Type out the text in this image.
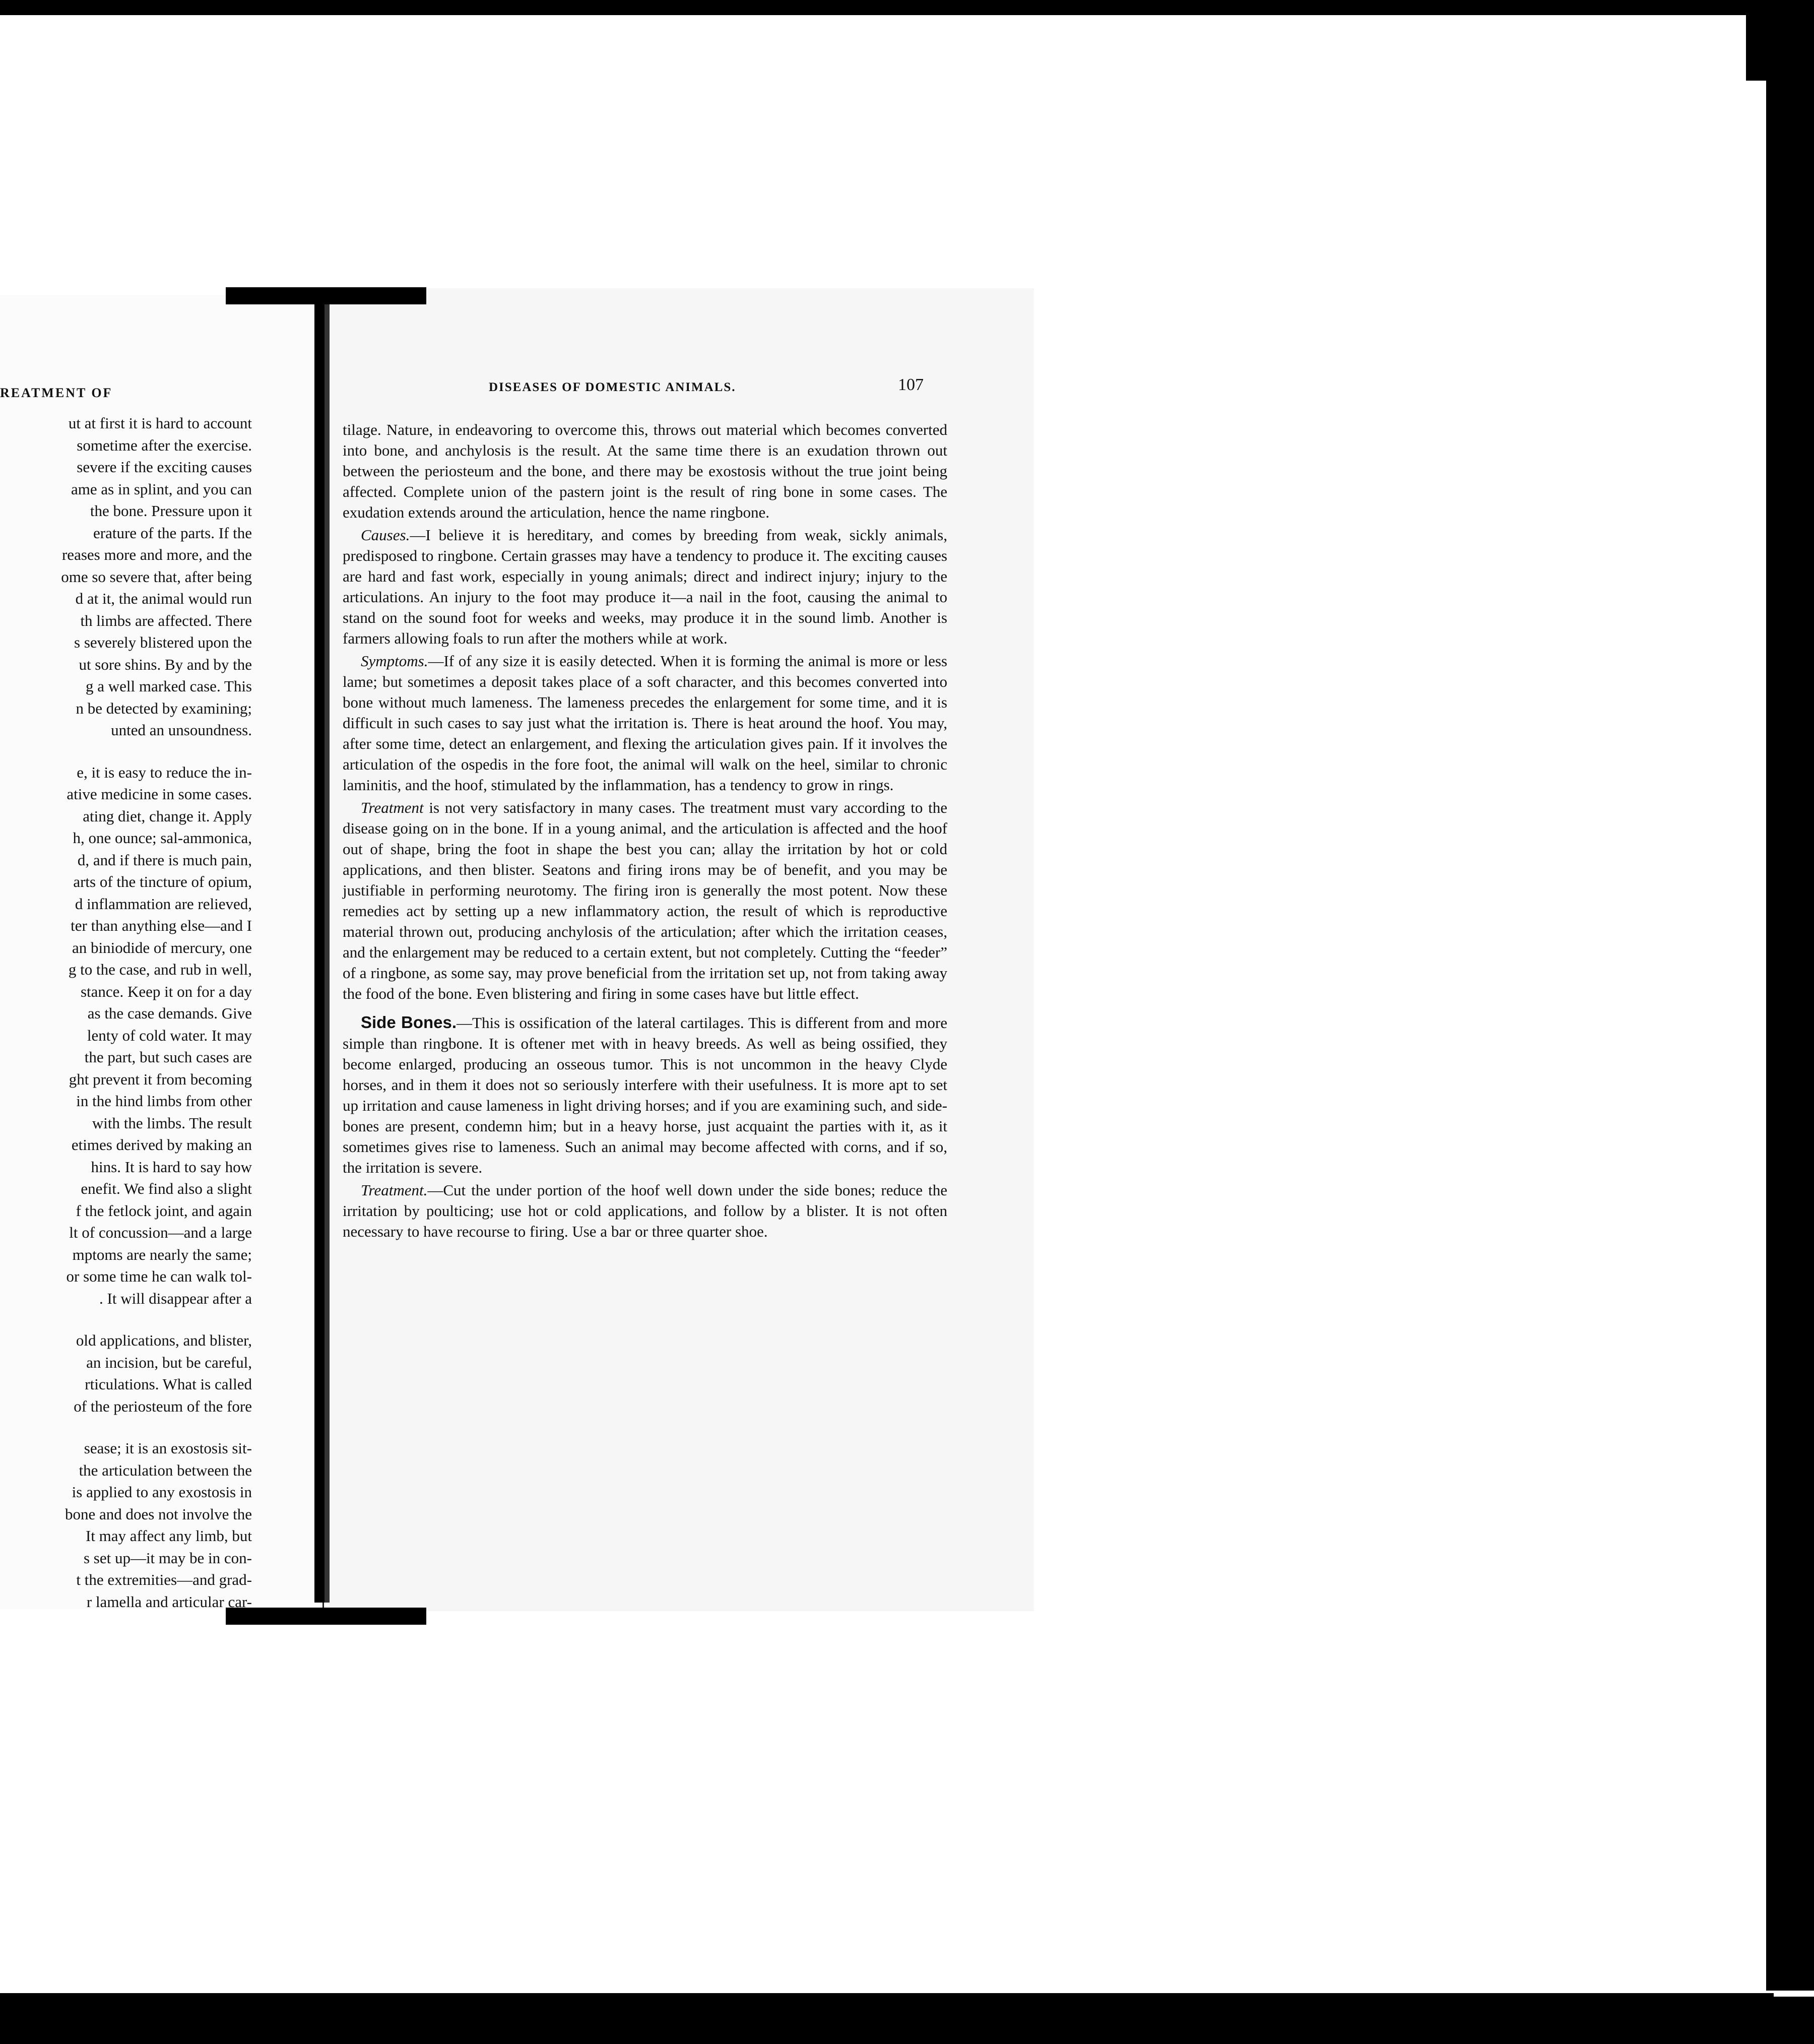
REATMENT OF
ut at first it is hard to account
sometime after the exercise.
severe if the exciting causes
ame as in splint, and you can
the bone. Pressure upon it
erature of the parts. If the
reases more and more, and the
ome so severe that, after being
d at it, the animal would run
th limbs are affected. There
s severely blistered upon the
ut sore shins. By and by the
g a well marked case. This
n be detected by examining;
unted an unsoundness.
e, it is easy to reduce the in-
ative medicine in some cases.
ating diet, change it. Apply
h, one ounce; sal-ammonica,
d, and if there is much pain,
arts of the tincture of opium,
d inflammation are relieved,
ter than anything else—and I
an biniodide of mercury, one
g to the case, and rub in well,
stance. Keep it on for a day
as the case demands. Give
lenty of cold water. It may
the part, but such cases are
ght prevent it from becoming
in the hind limbs from other
with the limbs. The result
etimes derived by making an
hins. It is hard to say how
enefit. We find also a slight
f the fetlock joint, and again
lt of concussion—and a large
mptoms are nearly the same;
or some time he can walk tol-
. It will disappear after a
old applications, and blister,
an incision, but be careful,
rticulations. What is called
of the periosteum of the fore
sease; it is an exostosis sit-
the articulation between the
is applied to any exostosis in
bone and does not involve the
It may affect any limb, but
s set up—it may be in con-
t the extremities—and grad-
r lamella and articular car-
DISEASES OF DOMESTIC ANIMALS.	107

tilage. Nature, in endeavoring to overcome this, throws out material which becomes converted into bone, and anchylosis is the result. At the same time there is an exudation thrown out between the periosteum and the bone, and there may be exostosis without the true joint being affected. Complete union of the pastern joint is the result of ring bone in some cases. The exudation extends around the articulation, hence the name ringbone.

Causes.—I believe it is hereditary, and comes by breeding from weak, sickly animals, predisposed to ringbone. Certain grasses may have a tendency to produce it. The exciting causes are hard and fast work, especially in young animals; direct and indirect injury; injury to the articulations. An injury to the foot may produce it—a nail in the foot, causing the animal to stand on the sound foot for weeks and weeks, may produce it in the sound limb. Another is farmers allowing foals to run after the mothers while at work.

Symptoms.—If of any size it is easily detected. When it is forming the animal is more or less lame; but sometimes a deposit takes place of a soft character, and this becomes converted into bone without much lameness. The lameness precedes the enlargement for some time, and it is difficult in such cases to say just what the irritation is. There is heat around the hoof. You may, after some time, detect an enlargement, and flexing the articulation gives pain. If it involves the articulation of the ospedis in the fore foot, the animal will walk on the heel, similar to chronic laminitis, and the hoof, stimulated by the inflammation, has a tendency to grow in rings.

Treatment is not very satisfactory in many cases. The treatment must vary according to the disease going on in the bone. If in a young animal, and the articulation is affected and the hoof out of shape, bring the foot in shape the best you can; allay the irritation by hot or cold applications, and then blister. Seatons and firing irons may be of benefit, and you may be justifiable in performing neurotomy. The firing iron is generally the most potent. Now these remedies act by setting up a new inflammatory action, the result of which is reproductive material thrown out, producing anchylosis of the articulation; after which the irritation ceases, and the enlargement may be reduced to a certain extent, but not completely. Cutting the “feeder” of a ringbone, as some say, may prove beneficial from the irritation set up, not from taking away the food of the bone. Even blistering and firing in some cases have but little effect.

Side Bones.—This is ossification of the lateral cartilages. This is different from and more simple than ringbone. It is oftener met with in heavy breeds. As well as being ossified, they become enlarged, producing an osseous tumor. This is not uncommon in the heavy Clyde horses, and in them it does not so seriously interfere with their usefulness. It is more apt to set up irritation and cause lameness in light driving horses; and if you are examining such, and side-bones are present, condemn him; but in a heavy horse, just acquaint the parties with it, as it sometimes gives rise to lameness. Such an animal may become affected with corns, and if so, the irritation is severe.

Treatment.—Cut the under portion of the hoof well down under the side bones; reduce the irritation by poulticing; use hot or cold applications, and follow by a blister. It is not often necessary to have recourse to firing. Use a bar or three quarter shoe.
